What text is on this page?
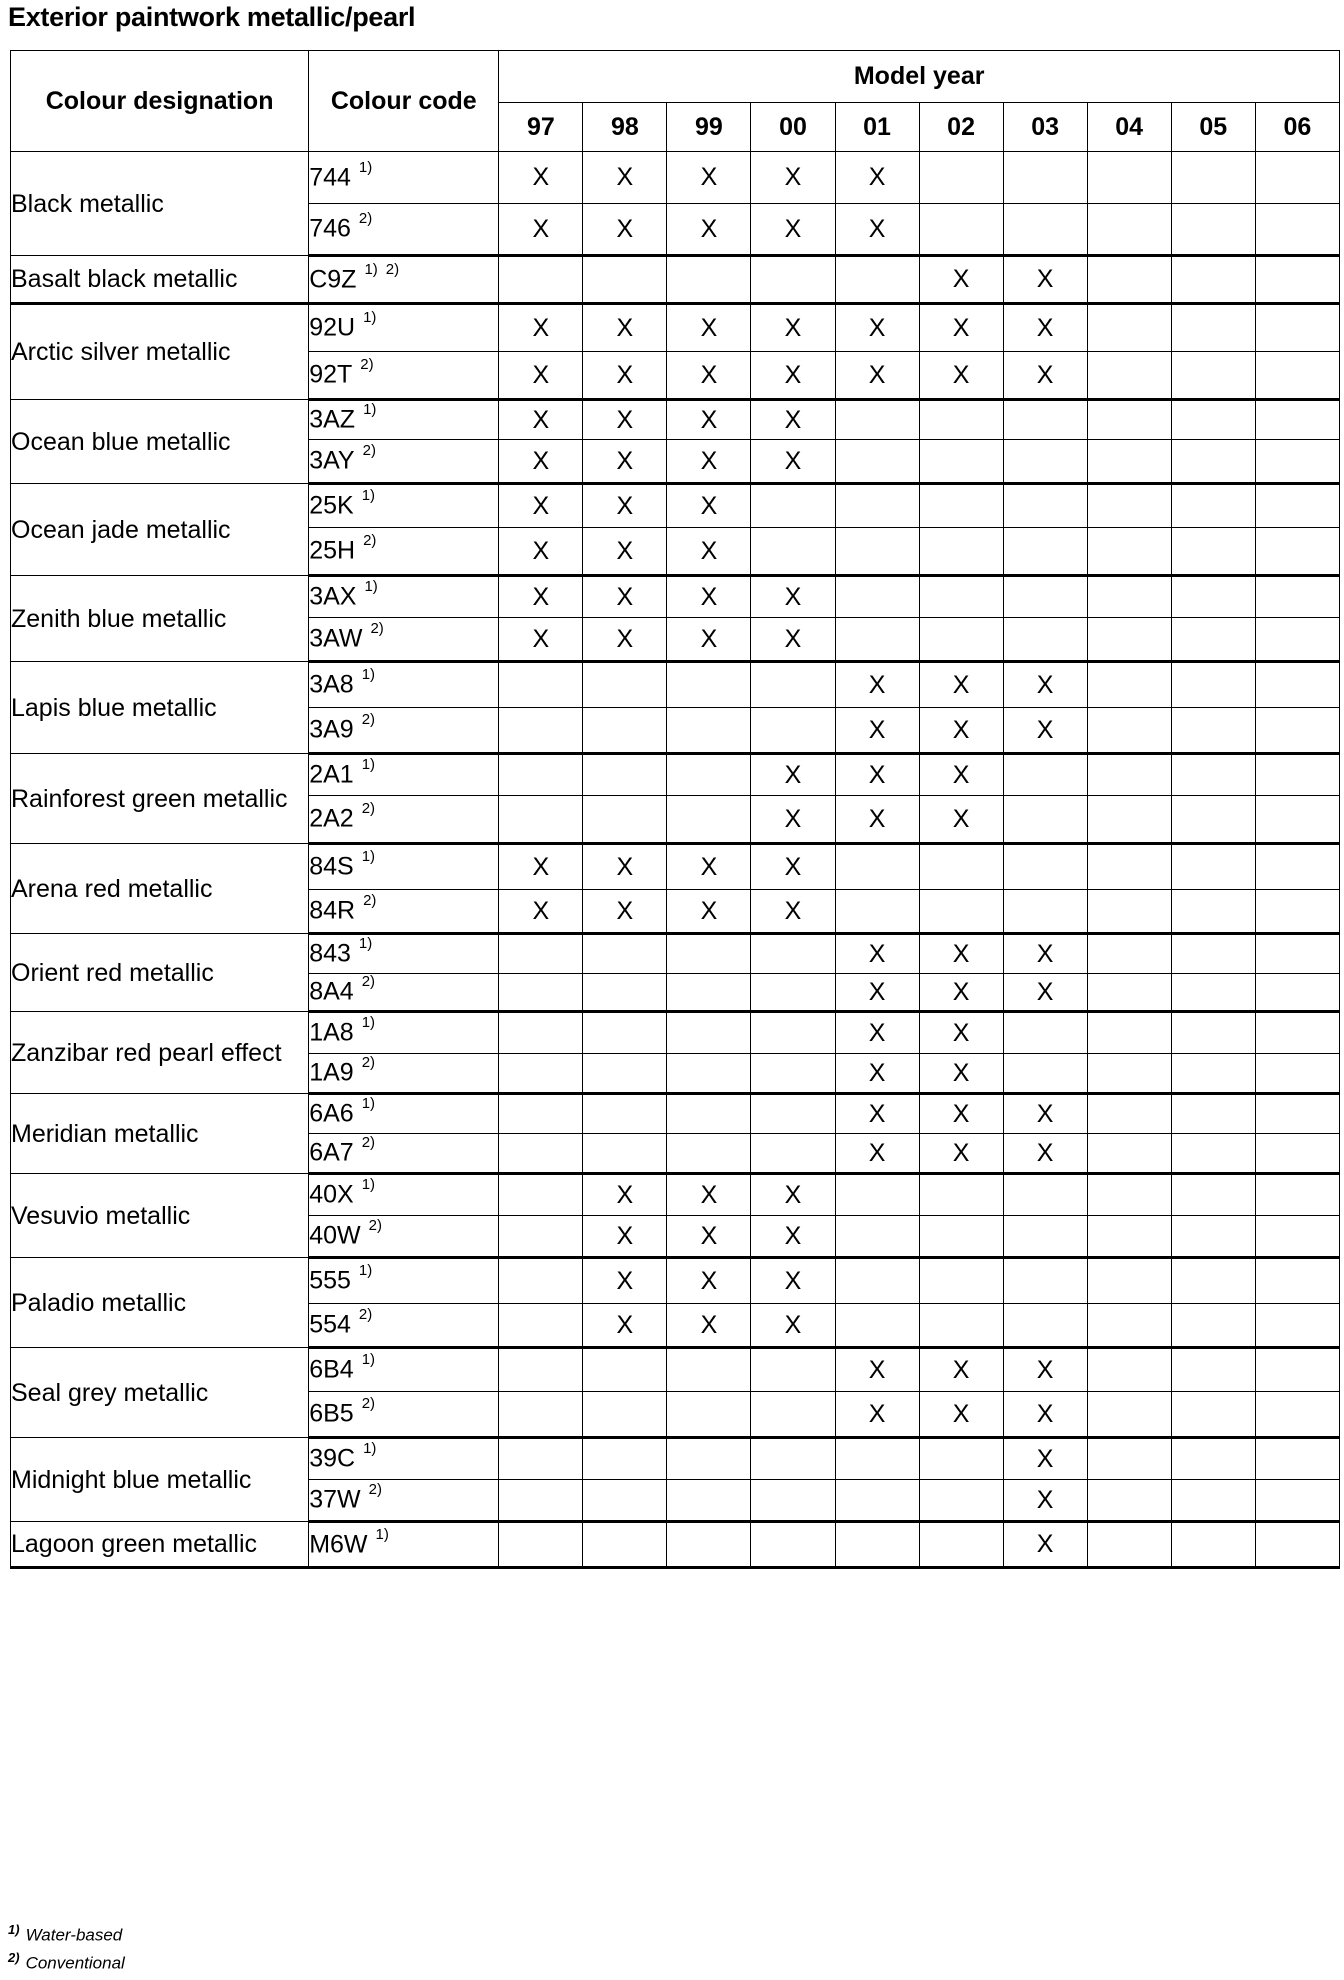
Exterior paintwork metallic/pearl
Colour designation	Colour code	Model year									
		97	98	99	00	01	02	03	04	05	06
Black metallic	744 $^{1)}$	X	X	X	X	X					
	746 $^{2)}$	X	X	X	X	X					
Basalt black metallic	C9Z $^{1)}$ $^{2)}$						X	X			
Arctic silver metallic	92U $^{1)}$	X	X	X	X	X	X	X			
	92T $^{2)}$	X	X	X	X	X	X	X			
Ocean blue metallic	3AZ $^{1)}$	X	X	X	X						
	3AY $^{2)}$	X	X	X	X						
Ocean jade metallic	25K $^{1)}$	X	X	X							
	25H $^{2)}$	X	X	X							
Zenith blue metallic	3AX $^{1)}$	X	X	X	X						
	3AW $^{2)}$	X	X	X	X						
Lapis blue metallic	3A8 $^{1)}$					X	X	X			
	3A9 $^{2)}$					X	X	X			
Rainforest green metallic	2A1 $^{1)}$				X	X	X				
	2A2 $^{2)}$				X	X	X				
Arena red metallic	84S $^{1)}$	X	X	X	X						
	84R $^{2)}$	X	X	X	X						
Orient red metallic	843 $^{1)}$					X	X	X			
	8A4 $^{2)}$					X	X	X			
Zanzibar red pearl effect	1A8 $^{1)}$					X	X				
	1A9 $^{2)}$					X	X				
Meridian metallic	6A6 $^{1)}$					X	X	X			
	6A7 $^{2)}$					X	X	X			
Vesuvio metallic	40X $^{1)}$		X	X	X						
	40W $^{2)}$		X	X	X						
Paladio metallic	555 $^{1)}$		X	X	X						
	554 $^{2)}$		X	X	X						
Seal grey metallic	6B4 $^{1)}$					X	X	X			
	6B5 $^{2)}$					X	X	X			
Midnight blue metallic	39C $^{1)}$							X			
	37W $^{2)}$							X			
Lagoon green metallic	M6W $^{1)}$							X			
$^{1)}$ Water-based
$^{2)}$ Conventional
